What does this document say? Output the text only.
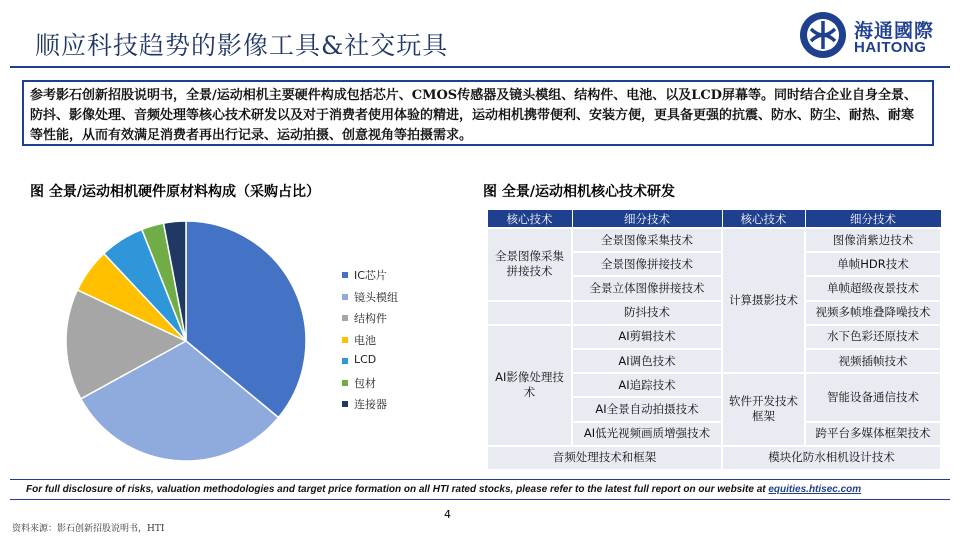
顺应科技趋势的影像工具&社交玩具	海通國際
HAITONG
参考影石创新招股说明书，全景/运动相机主要硬件构成包括芯片、CMOS传感器及镜头模组、结构件、电池、以及LCD屏幕等。同时结合企业自身全景、防抖、影像处理、音频处理等核心技术研发以及对于消费者使用体验的精进，运动相机携带便利、安装方便，更具备更强的抗震、防水、防尘、耐热、耐寒等性能，从而有效满足消费者再出行记录、运动拍摄、创意视角等拍摄需求。
图 全景/运动相机硬件原材料构成（采购占比）	图 全景/运动相机核心技术研发
IC芯片
镜头模组
结构件
电池
LCD
包材
连接器
核心技术	细分技术	核心技术	细分技术
全景图像采集拼接技术	全景图像采集技术	计算摄影技术	图像消紫边技术
	全景图像拼接技术		单帧HDR技术
	全景立体图像拼接技术		单帧超级夜景技术
	防抖技术		视频多帧堆叠降噪技术
AI影像处理技术	AI剪辑技术		水下色彩还原技术
	AI调色技术		视频插帧技术
	AI追踪技术	软件开发技术框架	智能设备通信技术
	AI全景自动拍摄技术		
	AI低光视频画质增强技术		跨平台多媒体框架技术
音频处理技术和框架		模块化防水相机设计技术	
For full disclosure of risks, valuation methodologies and target price formation on all HTI rated stocks, please refer to the latest full report on our website at equities.htisec.com
4
资料来源：影石创新招股说明书，HTI
